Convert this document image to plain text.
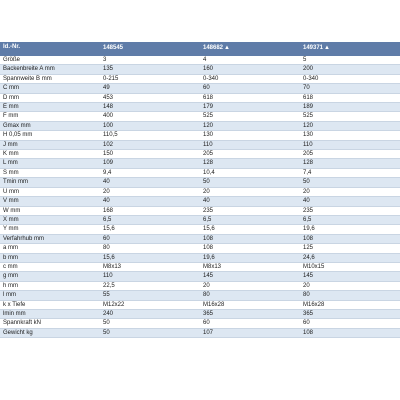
Id.-Nr.	148545	148682▲	149371▲
Größe	3	4	5
Backenbreite A mm	135	160	200
Spannweite B mm	0-215	0-340	0-340
C mm	49	60	70
D mm	453	618	618
E mm	148	179	189
F mm	400	525	525
Gmax mm	100	120	120
H 0,05 mm	110,5	130	130
J mm	102	110	110
K mm	150	205	205
L mm	109	128	128
S mm	9,4	10,4	7,4
Tmin mm	40	50	50
U mm	20	20	20
V mm	40	40	40
W mm	168	235	235
X mm	6,5	6,5	6,5
Y mm	15,6	15,6	19,6
Verfahrhub mm	60	108	108
a mm	80	108	125
b mm	15,6	19,6	24,6
c mm	M8x13	M8x13	M10x15
g mm	110	145	145
h mm	22,5	20	20
l mm	55	80	80
k x Tiefe	M12x22	M16x28	M16x28
lmin mm	240	365	365
Spannkraft kN	50	60	60
Gewicht kg	50	107	108
